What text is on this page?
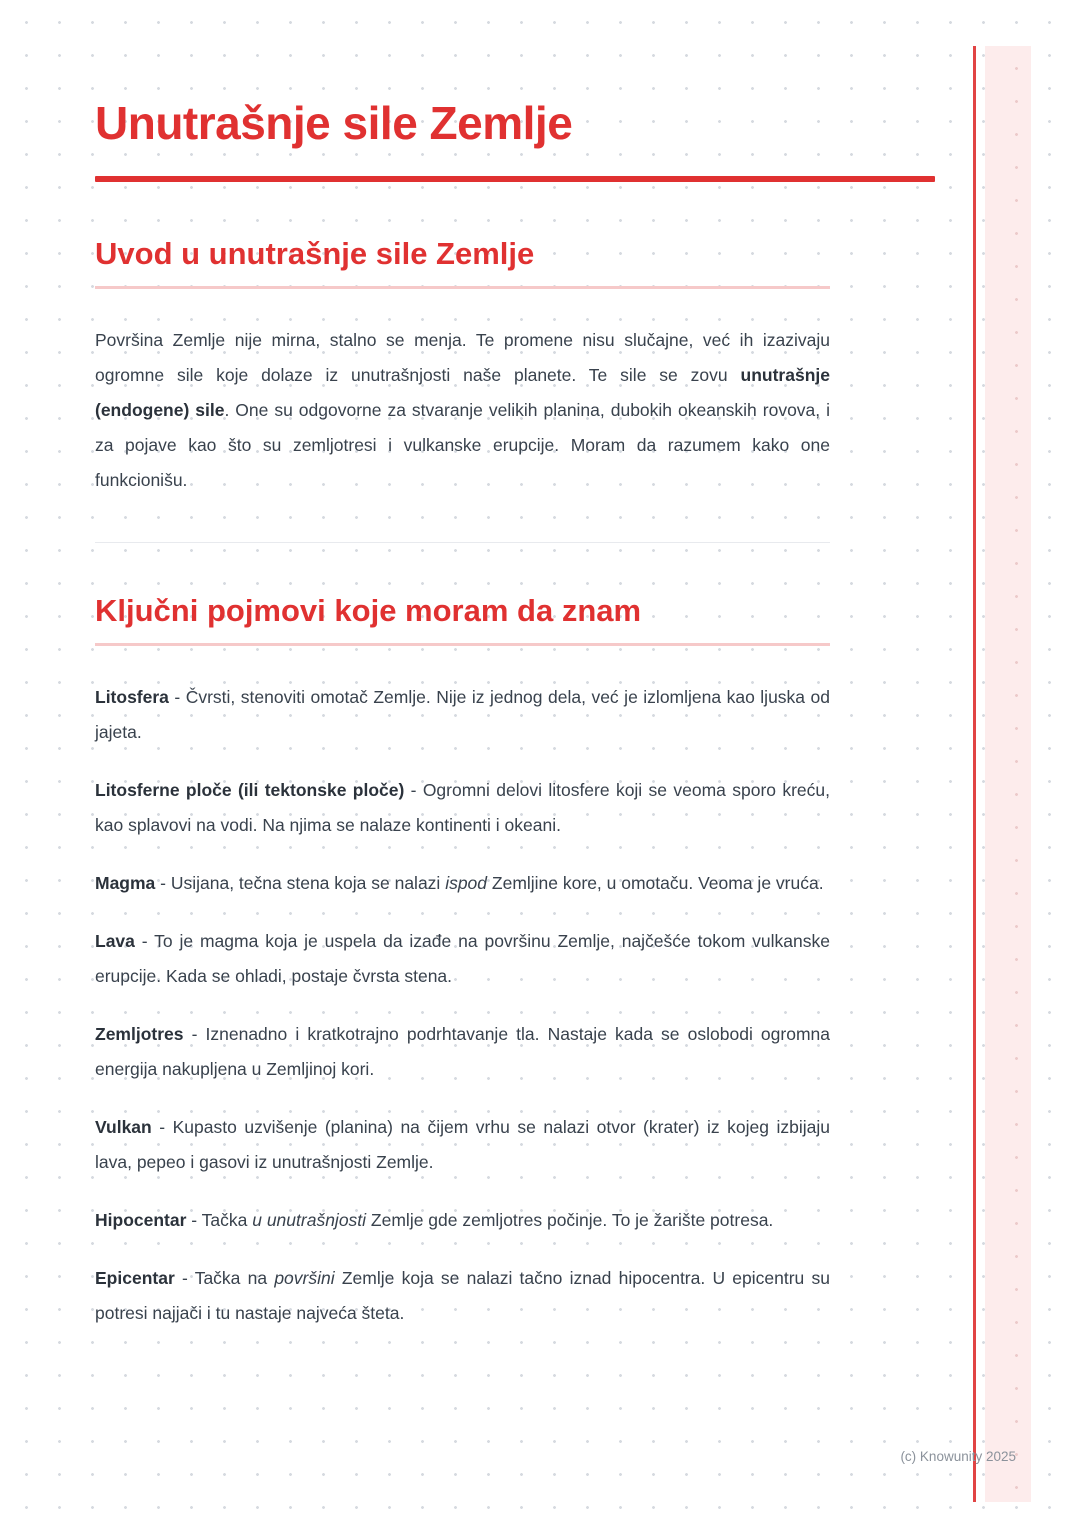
Unutrašnje sile Zemlje
Uvod u unutrašnje sile Zemlje

Površina Zemlje nije mirna, stalno se menja. Te promene nisu slučajne, već ih izazivaju ogromne sile koje dolaze iz unutrašnjosti naše planete. Te sile se zovu unutrašnje (endogene) sile. One su odgovorne za stvaranje velikih planina, dubokih okeanskih rovova, i za pojave kao što su zemljotresi i vulkanske erupcije. Moram da razumem kako one funkcionišu.

Ključni pojmovi koje moram da znam

Litosfera - Čvrsti, stenoviti omotač Zemlje. Nije iz jednog dela, već je izlomljena kao ljuska od jajeta.

Litosferne ploče (ili tektonske ploče) - Ogromni delovi litosfere koji se veoma sporo kreću, kao splavovi na vodi. Na njima se nalaze kontinenti i okeani.

Magma - Usijana, tečna stena koja se nalazi ispod Zemljine kore, u omotaču. Veoma je vruća.

Lava - To je magma koja je uspela da izađe na površinu Zemlje, najčešće tokom vulkanske erupcije. Kada se ohladi, postaje čvrsta stena.

Zemljotres - Iznenadno i kratkotrajno podrhtavanje tla. Nastaje kada se oslobodi ogromna energija nakupljena u Zemljinoj kori.

Vulkan - Kupasto uzvišenje (planina) na čijem vrhu se nalazi otvor (krater) iz kojeg izbijaju lava, pepeo i gasovi iz unutrašnjosti Zemlje.

Hipocentar - Tačka u unutrašnjosti Zemlje gde zemljotres počinje. To je žarište potresa.

Epicentar - Tačka na površini Zemlje koja se nalazi tačno iznad hipocentra. U epicentru su potresi najjači i tu nastaje najveća šteta.

(c) Knowunity 2025
